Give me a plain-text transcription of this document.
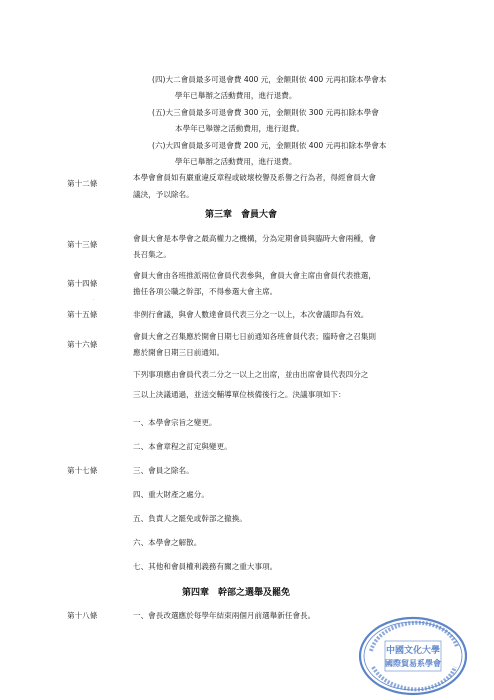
(四)大二會員最多可退會費 400 元，金額則依 400 元再扣除本學會本
學年已舉辦之活動費用，進行退費。
(五)大三會員最多可退會費 300 元，金額則依 300 元再扣除本學會
本學年已舉辦之活動費用，進行退費。
(六)大四會員最多可退會費 200 元，金額則依 400 元再扣除本學會本
學年已舉辦之活動費用，進行退費。
第十二條
本學會會員如有嚴重違反章程或破壞校譽及系譽之行為者，得經會員大會
議決，予以除名。
第三章　會員大會
第十三條
會員大會是本學會之最高權力之機構，分為定期會員與臨時大會兩種，會
長召集之。
第十四條
會員大會由各班推派兩位會員代表參與，會員大會主席由會員代表推選，
擔任各項公職之幹部，不得參選大會主席。
.
第十五條	非例行會議，與會人數達會員代表三分之一以上，本次會議即為有效。
第十六條
會員大會之召集應於開會日期七日前通知各班會員代表；臨時會之召集則
應於開會日期三日前通知。
下列事項應由會員代表二分之一以上之出席，並由出席會員代表四分之
三以上決議通過，並送交輔導單位核備後行之。決議事項如下：
一、本學會宗旨之變更。
二、本會章程之訂定與變更。
第十七條	三、會員之除名。
四、重大財產之處分。
五、負責人之罷免或幹部之撤換。
六、本學會之解散。
七、其他和會員權利義務有關之重大事項。
第四章　幹部之選舉及罷免
第十八條	一、會長改選應於每學年結束兩個月前選舉新任會長。
中國文化大學
國際貿易系學會
